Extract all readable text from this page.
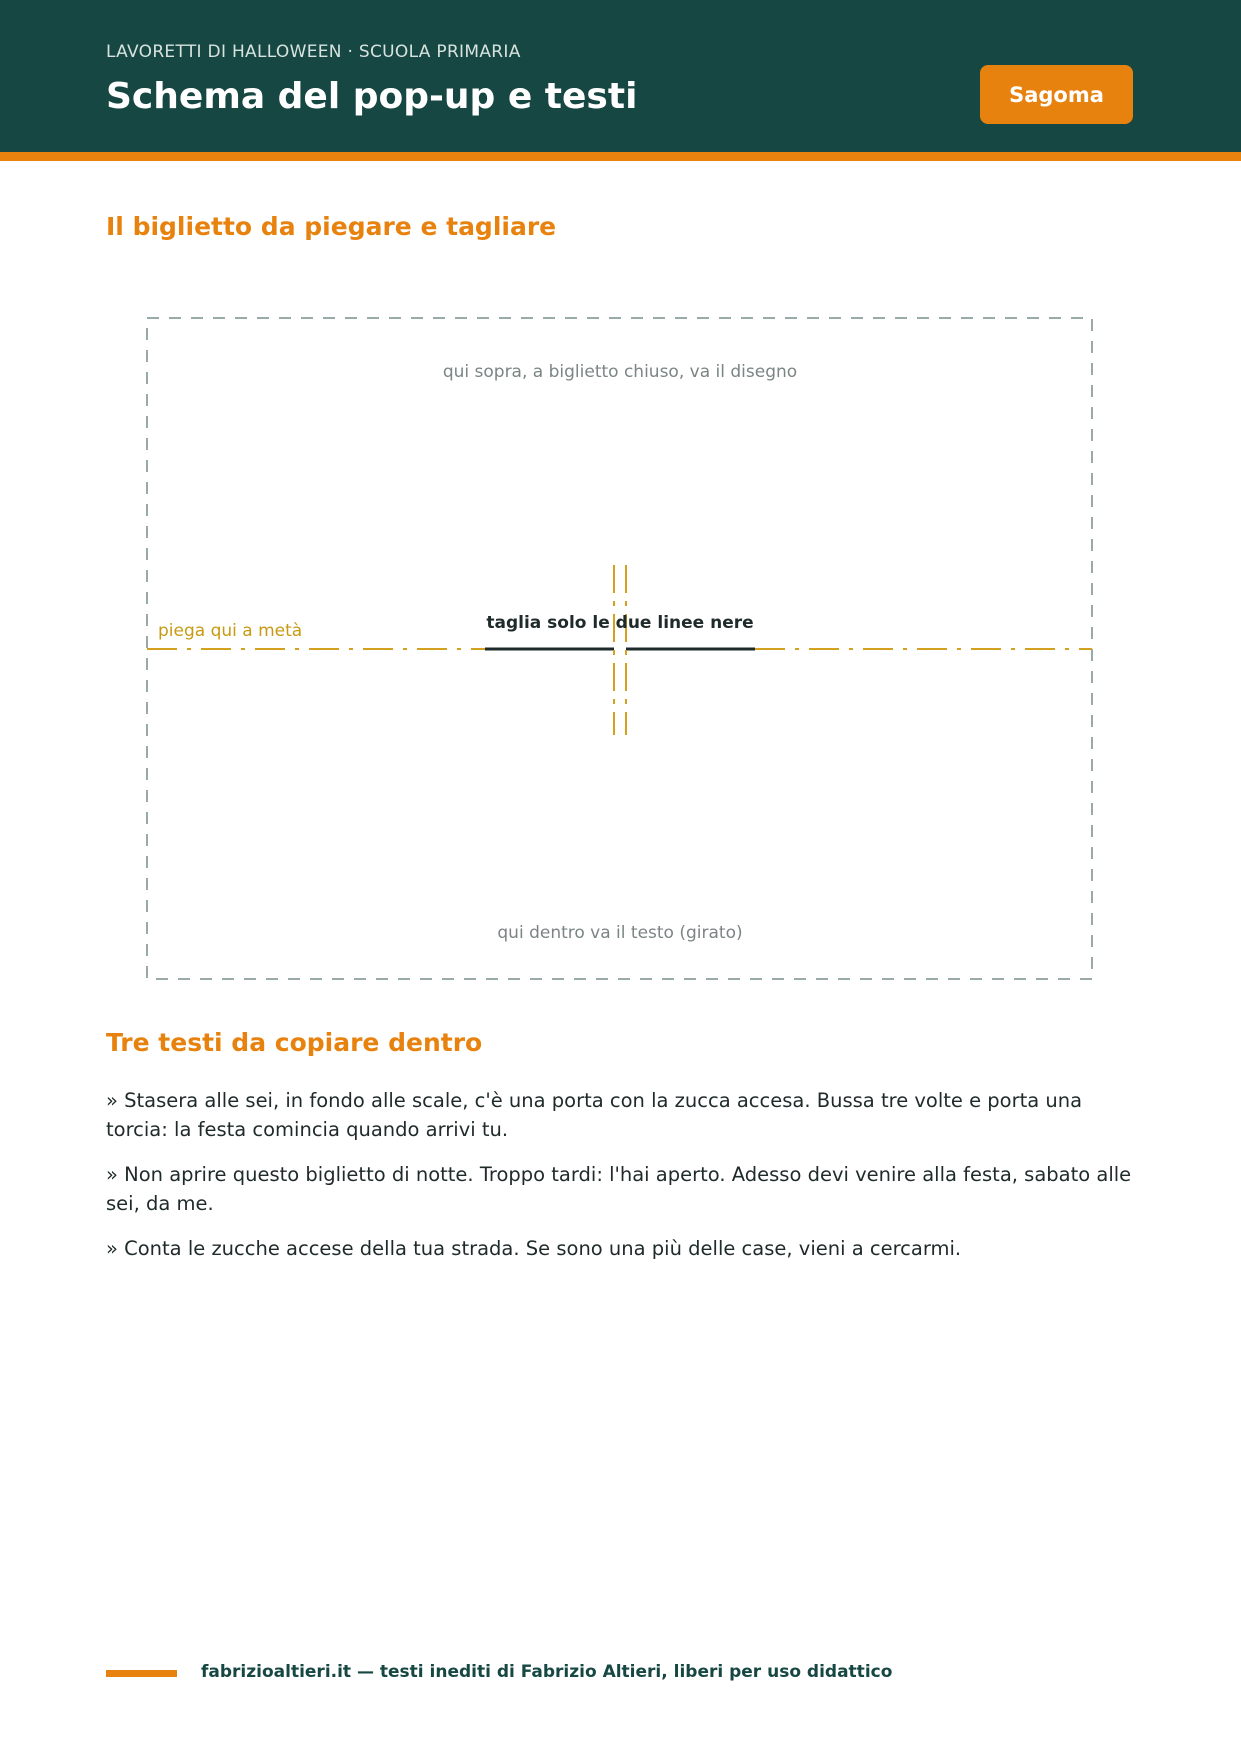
LAVORETTI DI HALLOWEEN · SCUOLA PRIMARIA
Schema del pop-up e testi	Sagoma
Il biglietto da piegare e tagliare
qui sopra, a biglietto chiuso, va il disegno
qui dentro va il testo (girato)
piega qui a metà	taglia solo le due linee nere
Tre testi da copiare dentro

» Stasera alle sei, in fondo alle scale, c'è una porta con la zucca accesa. Bussa tre volte e porta una torcia: la festa comincia quando arrivi tu.

» Non aprire questo biglietto di notte. Troppo tardi: l'hai aperto. Adesso devi venire alla festa, sabato alle sei, da me.

» Conta le zucche accese della tua strada. Se sono una più delle case, vieni a cercarmi.

fabrizioaltieri.it — testi inediti di Fabrizio Altieri, liberi per uso didattico
